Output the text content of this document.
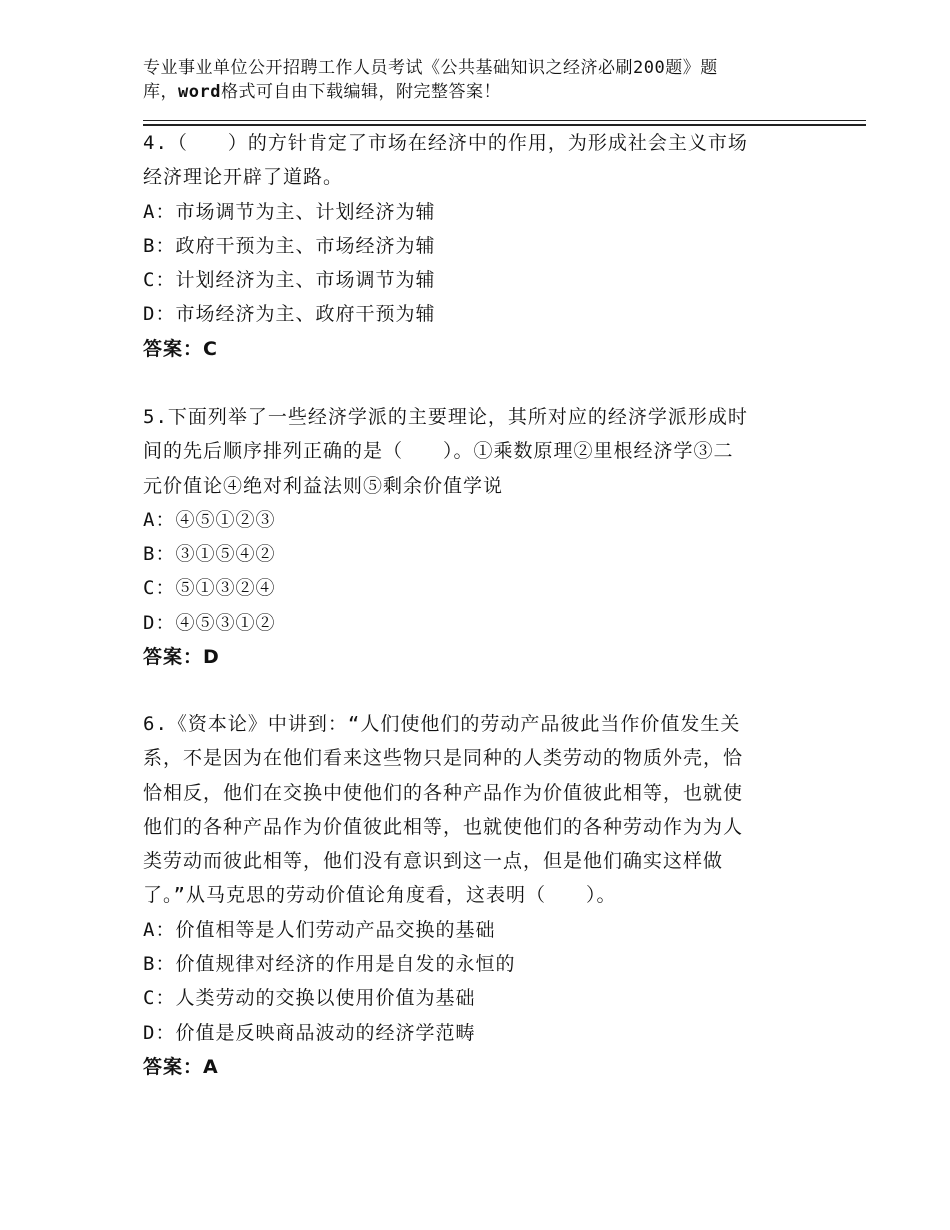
专业事业单位公开招聘工作人员考试《公共基础知识之经济必刷200题》题
库，word格式可自由下载编辑，附完整答案！
4.（　　）的方针肯定了市场在经济中的作用，为形成社会主义市场
经济理论开辟了道路。
A：市场调节为主、计划经济为辅
B：政府干预为主、市场经济为辅
C：计划经济为主、市场调节为辅
D：市场经济为主、政府干预为辅
答案：C
5.下面列举了一些经济学派的主要理论，其所对应的经济学派形成时
间的先后顺序排列正确的是（　　）。①乘数原理②里根经济学③二
元价值论④绝对利益法则⑤剩余价值学说
A：④⑤①②③
B：③①⑤④②
C：⑤①③②④
D：④⑤③①②
答案：D
6.《资本论》中讲到：“人们使他们的劳动产品彼此当作价值发生关
系，不是因为在他们看来这些物只是同种的人类劳动的物质外壳，恰
恰相反，他们在交换中使他们的各种产品作为价值彼此相等，也就使
他们的各种产品作为价值彼此相等，也就使他们的各种劳动作为为人
类劳动而彼此相等，他们没有意识到这一点，但是他们确实这样做
了。”从马克思的劳动价值论角度看，这表明（　　）。
A：价值相等是人们劳动产品交换的基础
B：价值规律对经济的作用是自发的永恒的
C：人类劳动的交换以使用价值为基础
D：价值是反映商品波动的经济学范畴
答案：A
